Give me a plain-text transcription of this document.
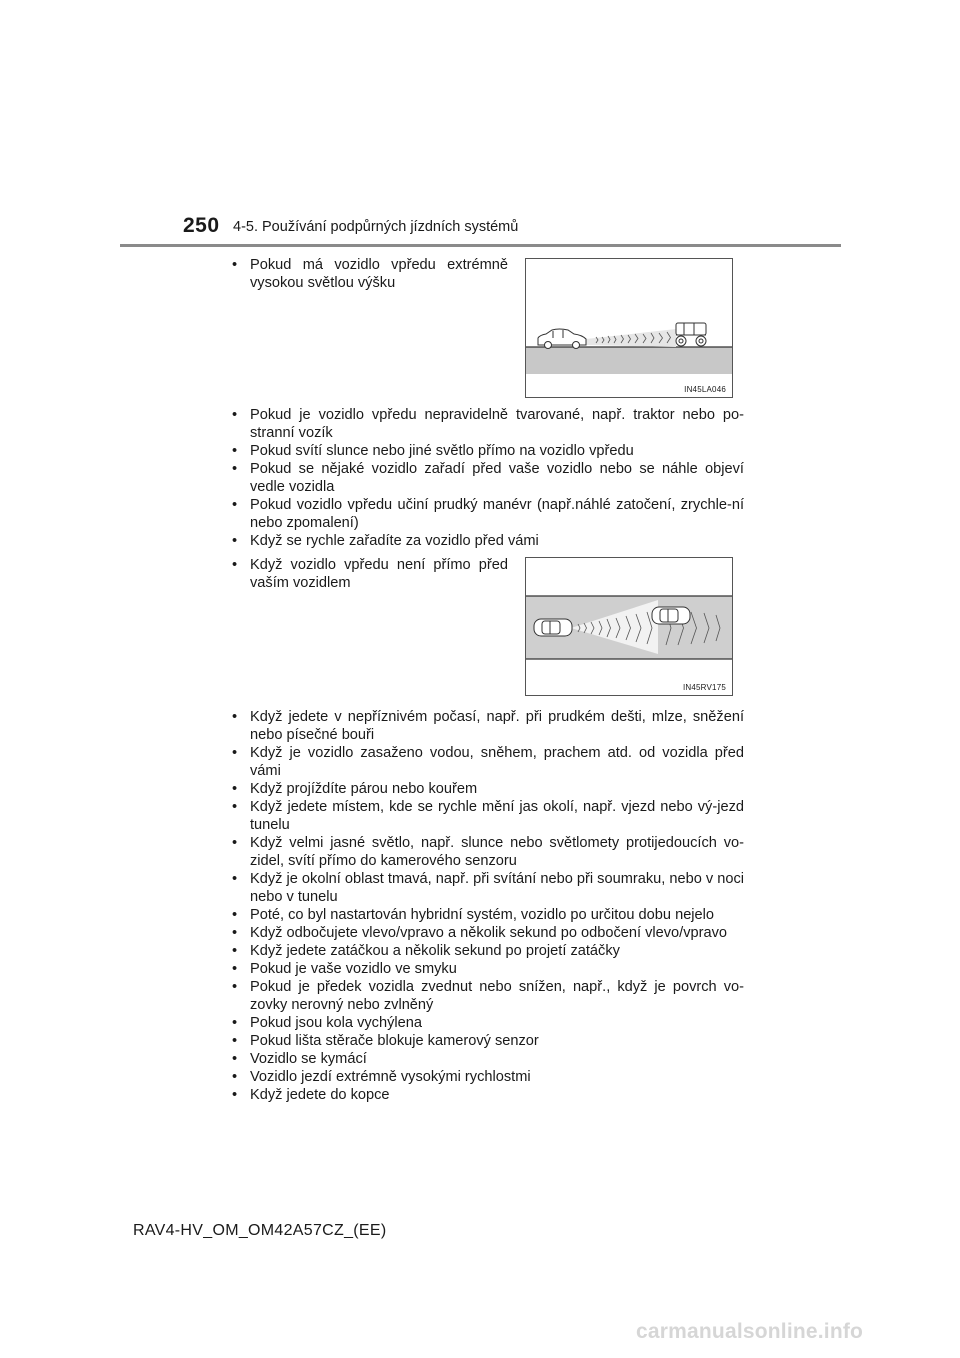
250 4-5. Používání podpůrných jízdních systémů
• Pokud má vozidlo vpředu extrémně vysokou světlou výšku
IN45LA046
• Pokud je vozidlo vpředu nepravidelně tvarované, např. traktor nebo po-stranní vozík
• Pokud svítí slunce nebo jiné světlo přímo na vozidlo vpředu
• Pokud se nějaké vozidlo zařadí před vaše vozidlo nebo se náhle objeví vedle vozidla
• Pokud vozidlo vpředu učiní prudký manévr (např.náhlé zatočení, zrychle-ní nebo zpomalení)
• Když se rychle zařadíte za vozidlo před vámi
• Když vozidlo vpředu není přímo před vaším vozidlem
IN45RV175
• Když jedete v nepříznivém počasí, např. při prudkém dešti, mlze, sněžení nebo písečné bouři
• Když je vozidlo zasaženo vodou, sněhem, prachem atd. od vozidla před vámi
• Když projíždíte párou nebo kouřem
• Když jedete místem, kde se rychle mění jas okolí, např. vjezd nebo vý-jezd tunelu
• Když velmi jasné světlo, např. slunce nebo světlomety protijedoucích vo-zidel, svítí přímo do kamerového senzoru
• Když je okolní oblast tmavá, např. při svítání nebo při soumraku, nebo v noci nebo v tunelu
• Poté, co byl nastartován hybridní systém, vozidlo po určitou dobu nejelo
• Když odbočujete vlevo/vpravo a několik sekund po odbočení vlevo/vpravo
• Když jedete zatáčkou a několik sekund po projetí zatáčky
• Pokud je vaše vozidlo ve smyku
• Pokud je předek vozidla zvednut nebo snížen, např., když je povrch vo-zovky nerovný nebo zvlněný
• Pokud jsou kola vychýlena
• Pokud lišta stěrače blokuje kamerový senzor
• Vozidlo se kymácí
• Vozidlo jezdí extrémně vysokými rychlostmi
• Když jedete do kopce
RAV4-HV_OM_OM42A57CZ_(EE)
carmanualsonline.info
